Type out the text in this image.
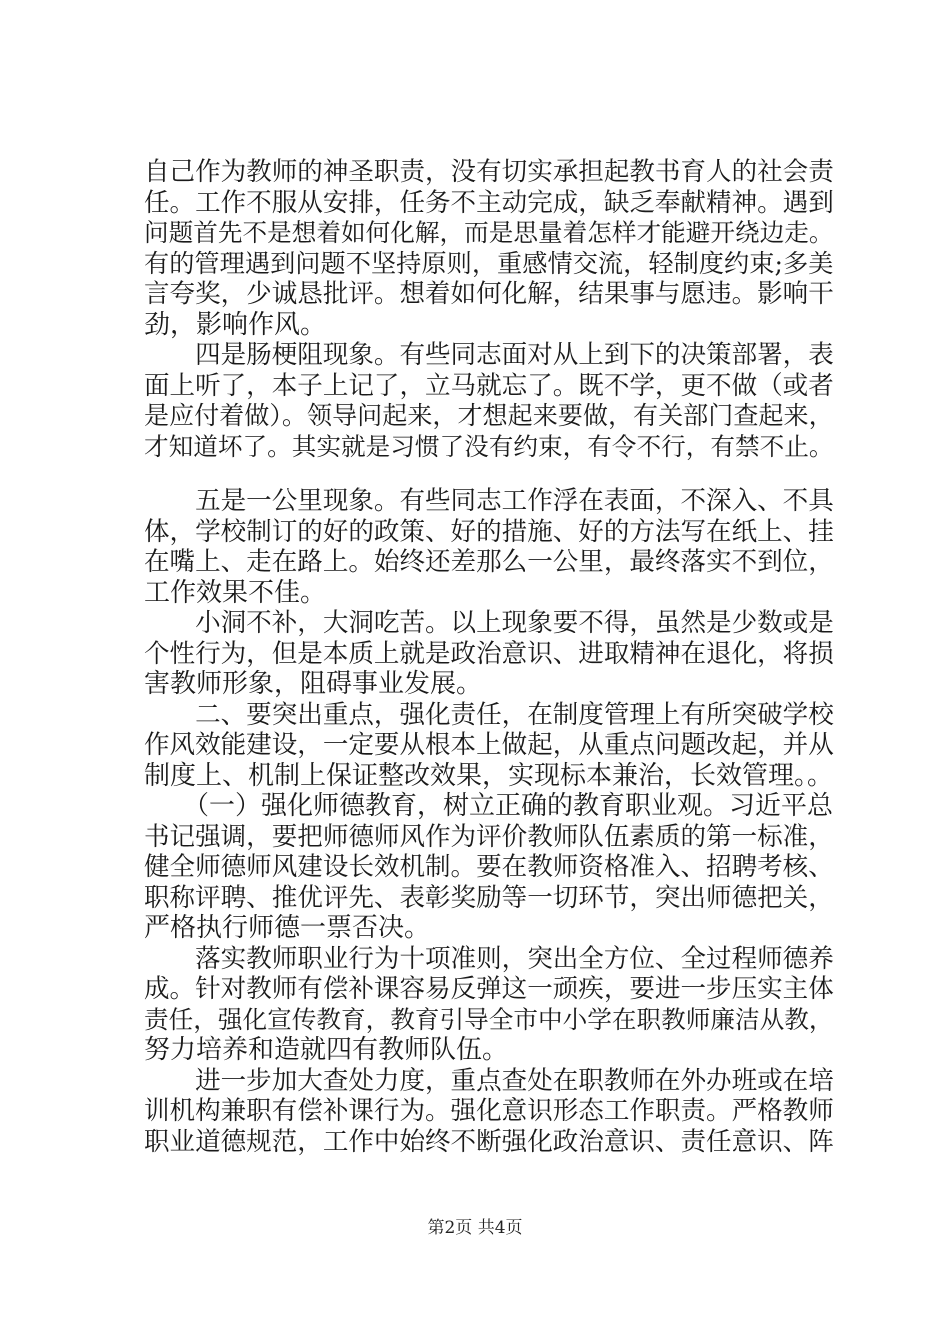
自己作为教师的神圣职责，没有切实承担起教书育人的社会责
任。工作不服从安排，任务不主动完成，缺乏奉献精神。遇到
问题首先不是想着如何化解，而是思量着怎样才能避开绕边走。
有的管理遇到问题不坚持原则，重感情交流，轻制度约束;多美
言夸奖，少诚恳批评。想着如何化解，结果事与愿违。影响干
劲，影响作风。
　　四是肠梗阻现象。有些同志面对从上到下的决策部署，表
面上听了，本子上记了，立马就忘了。既不学，更不做（或者
是应付着做）。领导问起来，才想起来要做，有关部门查起来，
才知道坏了。其实就是习惯了没有约束，有令不行，有禁不止。
　　五是一公里现象。有些同志工作浮在表面，不深入、不具
体，学校制订的好的政策、好的措施、好的方法写在纸上、挂
在嘴上、走在路上。始终还差那么一公里，最终落实不到位，
工作效果不佳。
　　小洞不补，大洞吃苦。以上现象要不得，虽然是少数或是
个性行为，但是本质上就是政治意识、进取精神在退化，将损
害教师形象，阻碍事业发展。
　　二、要突出重点，强化责任，在制度管理上有所突破学校
作风效能建设，一定要从根本上做起，从重点问题改起，并从
制度上、机制上保证整改效果，实现标本兼治，长效管理。。
　　（一）强化师德教育，树立正确的教育职业观。习近平总
书记强调，要把师德师风作为评价教师队伍素质的第一标准，
健全师德师风建设长效机制。要在教师资格准入、招聘考核、
职称评聘、推优评先、表彰奖励等一切环节，突出师德把关，
严格执行师德一票否决。
　　落实教师职业行为十项准则，突出全方位、全过程师德养
成。针对教师有偿补课容易反弹这一顽疾，要进一步压实主体
责任，强化宣传教育，教育引导全市中小学在职教师廉洁从教，
努力培养和造就四有教师队伍。
　　进一步加大查处力度，重点查处在职教师在外办班或在培
训机构兼职有偿补课行为。强化意识形态工作职责。严格教师
职业道德规范，工作中始终不断强化政治意识、责任意识、阵
第2页 共4页
